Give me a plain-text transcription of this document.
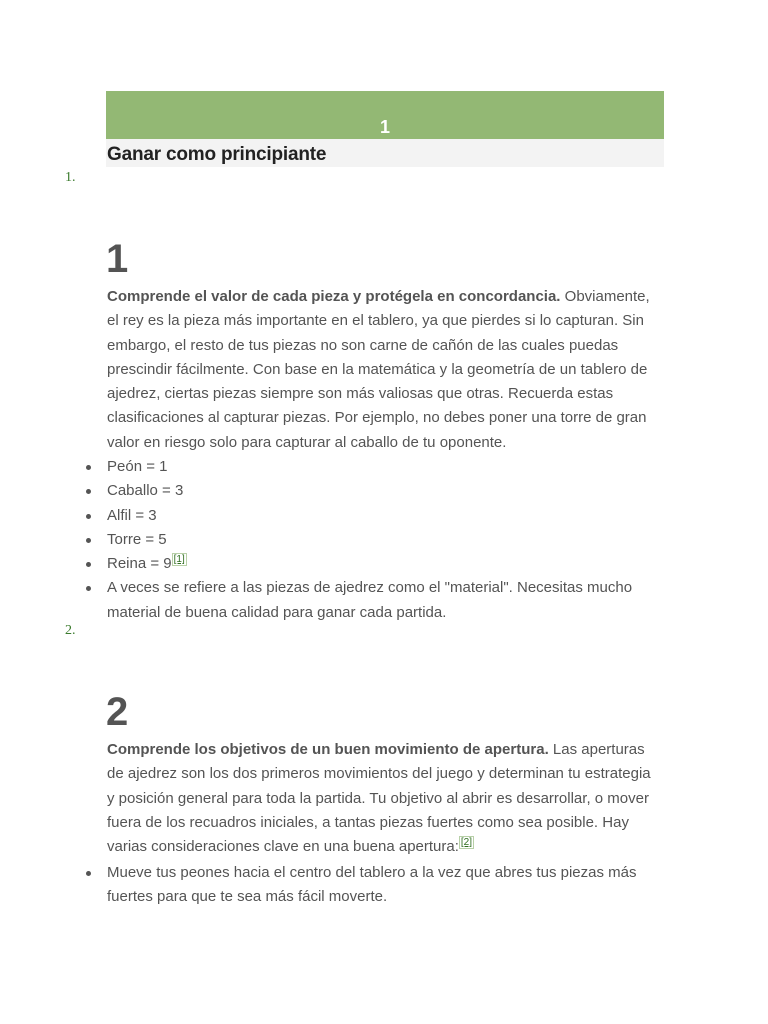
1
Ganar como principiante
1.
1
Comprende el valor de cada pieza y protégela en concordancia. Obviamente,
el rey es la pieza más importante en el tablero, ya que pierdes si lo capturan. Sin
embargo, el resto de tus piezas no son carne de cañón de las cuales puedas
prescindir fácilmente. Con base en la matemática y la geometría de un tablero de
ajedrez, ciertas piezas siempre son más valiosas que otras. Recuerda estas
clasificaciones al capturar piezas. Por ejemplo, no debes poner una torre de gran
valor en riesgo solo para capturar al caballo de tu oponente.
Peón = 1
Caballo = 3
Alfil = 3
Torre = 5
Reina = 9 [1]
A veces se refiere a las piezas de ajedrez como el "material". Necesitas mucho
material de buena calidad para ganar cada partida.
2.
2
Comprende los objetivos de un buen movimiento de apertura. Las aperturas
de ajedrez son los dos primeros movimientos del juego y determinan tu estrategia
y posición general para toda la partida. Tu objetivo al abrir es desarrollar, o mover
fuera de los recuadros iniciales, a tantas piezas fuertes como sea posible. Hay
varias consideraciones clave en una buena apertura: [2]
Mueve tus peones hacia el centro del tablero a la vez que abres tus piezas más
fuertes para que te sea más fácil moverte.
